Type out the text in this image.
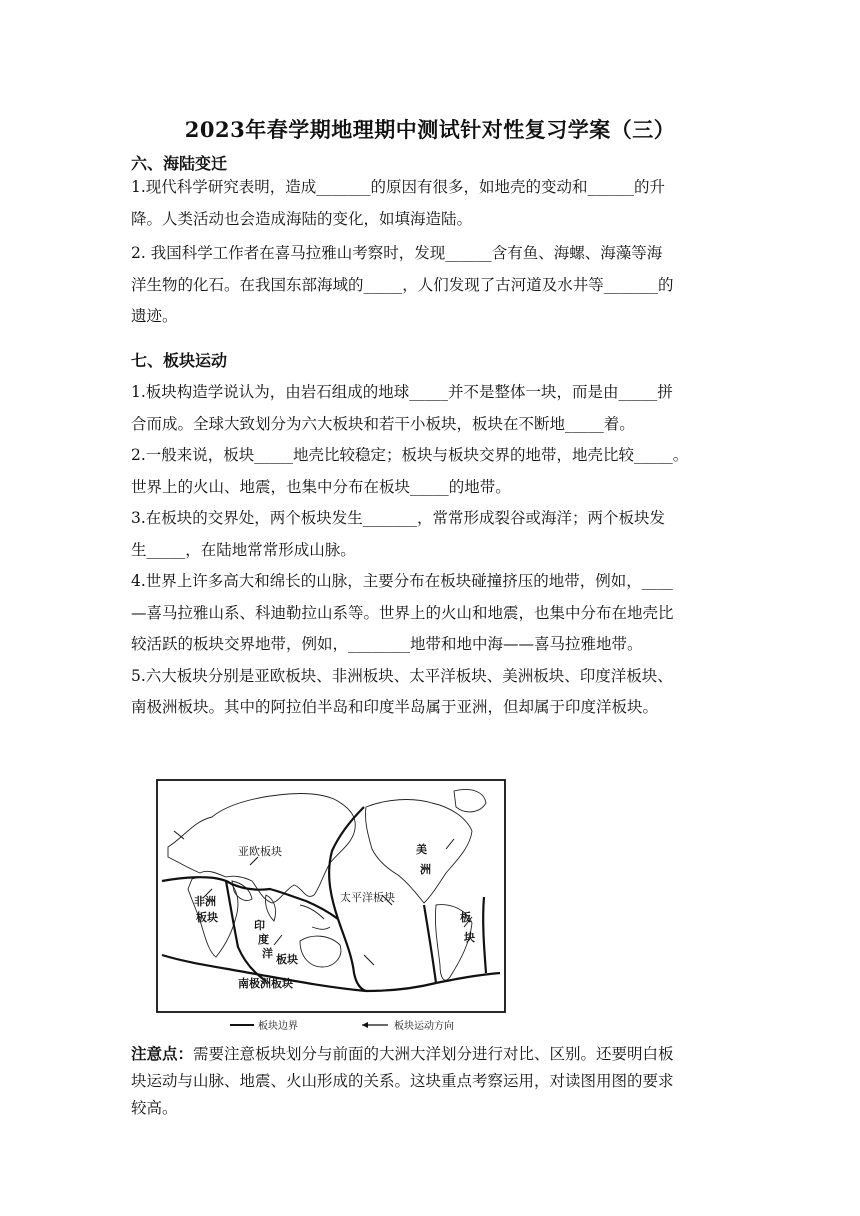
2023年春学期地理期中测试针对性复习学案（三）
六、海陆变迁
1.现代科学研究表明，造成_______的原因有很多，如地壳的变动和______的升
降。人类活动也会造成海陆的变化，如填海造陆。
2. 我国科学工作者在喜马拉雅山考察时，发现______含有鱼、海螺、海藻等海
洋生物的化石。在我国东部海域的_____，人们发现了古河道及水井等_______的
遗迹。
七、板块运动
1.板块构造学说认为，由岩石组成的地球_____并不是整体一块，而是由_____拼
合而成。全球大致划分为六大板块和若干小板块，板块在不断地_____着。
2.一般来说，板块_____地壳比较稳定；板块与板块交界的地带，地壳比较_____。
世界上的火山、地震，也集中分布在板块_____的地带。
3.在板块的交界处，两个板块发生_______，常常形成裂谷或海洋；两个板块发
生_____，在陆地常常形成山脉。
4.世界上许多高大和绵长的山脉，主要分布在板块碰撞挤压的地带，例如，____
—喜马拉雅山系、科迪勒拉山系等。世界上的火山和地震，也集中分布在地壳比
较活跃的板块交界地带，例如，________地带和地中海——喜马拉雅地带。
5.六大板块分别是亚欧板块、非洲板块、太平洋板块、美洲板块、印度洋板块、
南极洲板块。其中的阿拉伯半岛和印度半岛属于亚洲，但却属于印度洋板块。
亚欧板块
非洲
板块
印
度
洋 板块
太平洋板块
美
洲
板
块
南极洲板块
板块边界	板块运动方向
注意点：需要注意板块划分与前面的大洲大洋划分进行对比、区别。还要明白板
块运动与山脉、地震、火山形成的关系。这块重点考察运用，对读图用图的要求
较高。
